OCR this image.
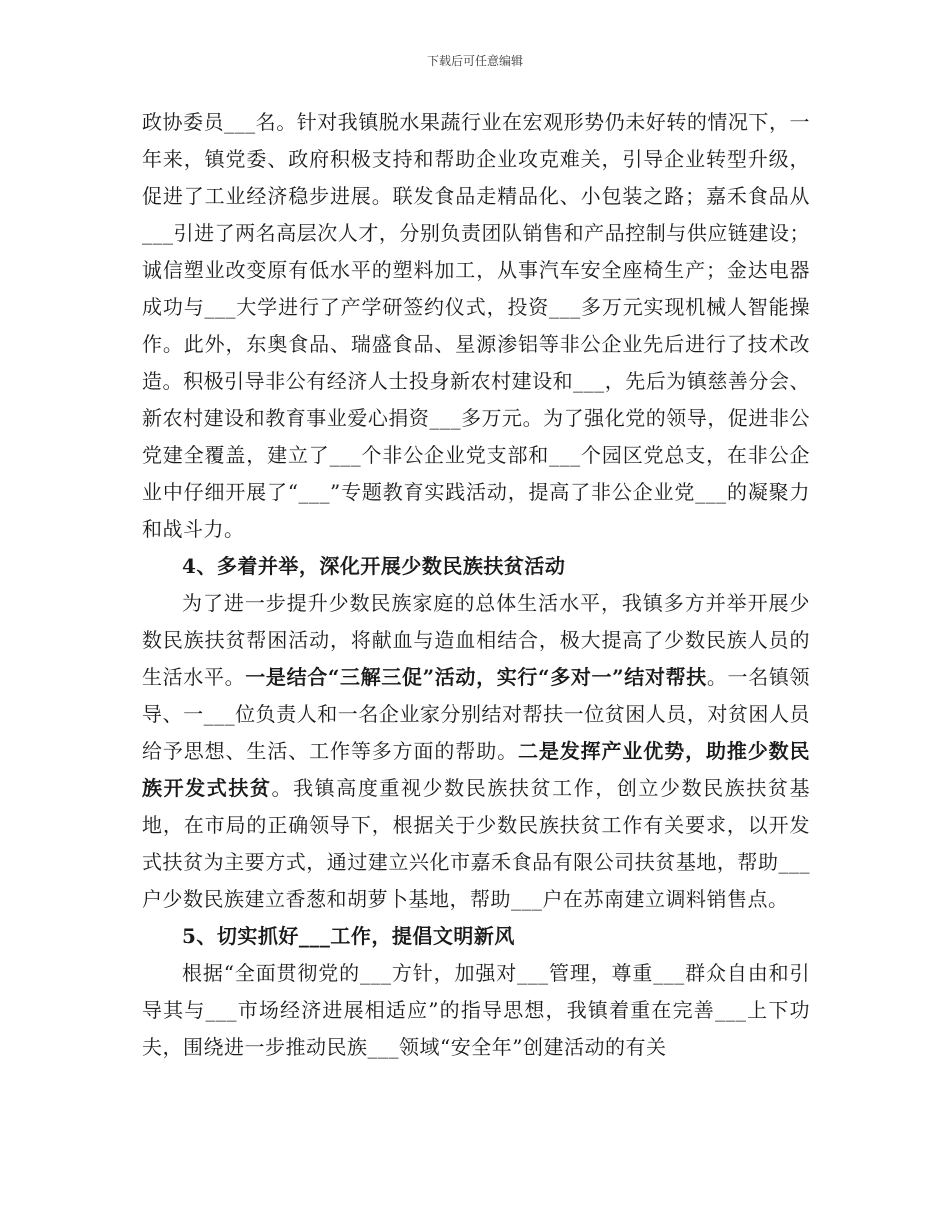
下载后可任意编辑

政协委员___名。针对我镇脱水果蔬行业在宏观形势仍未好转的情况下，一年来，镇党委、政府积极支持和帮助企业攻克难关，引导企业转型升级，促进了工业经济稳步进展。联发食品走精品化、小包装之路；嘉禾食品从___引进了两名高层次人才，分别负责团队销售和产品控制与供应链建设；诚信塑业改变原有低水平的塑料加工，从事汽车安全座椅生产；金达电器成功与___大学进行了产学研签约仪式，投资___多万元实现机械人智能操作。此外，东奥食品、瑞盛食品、星源渗铝等非公企业先后进行了技术改造。积极引导非公有经济人士投身新农村建设和___，先后为镇慈善分会、新农村建设和教育事业爱心捐资___多万元。为了强化党的领导，促进非公党建全覆盖，建立了___个非公企业党支部和___个园区党总支，在非公企业中仔细开展了“___”专题教育实践活动，提高了非公企业党___的凝聚力和战斗力。

4、多着并举，深化开展少数民族扶贫活动

为了进一步提升少数民族家庭的总体生活水平，我镇多方并举开展少数民族扶贫帮困活动，将献血与造血相结合，极大提高了少数民族人员的生活水平。一是结合“三解三促”活动，实行“多对一”结对帮扶。一名镇领导、一___位负责人和一名企业家分别结对帮扶一位贫困人员，对贫困人员给予思想、生活、工作等多方面的帮助。二是发挥产业优势，助推少数民族开发式扶贫。我镇高度重视少数民族扶贫工作，创立少数民族扶贫基地，在市局的正确领导下，根据关于少数民族扶贫工作有关要求，以开发式扶贫为主要方式，通过建立兴化市嘉禾食品有限公司扶贫基地，帮助___户少数民族建立香葱和胡萝卜基地，帮助___户在苏南建立调料销售点。

5、切实抓好___工作，提倡文明新风

根据“全面贯彻党的___方针，加强对___管理，尊重___群众自由和引导其与___市场经济进展相适应”的指导思想，我镇着重在完善___上下功夫，围绕进一步推动民族___领域“安全年”创建活动的有关
